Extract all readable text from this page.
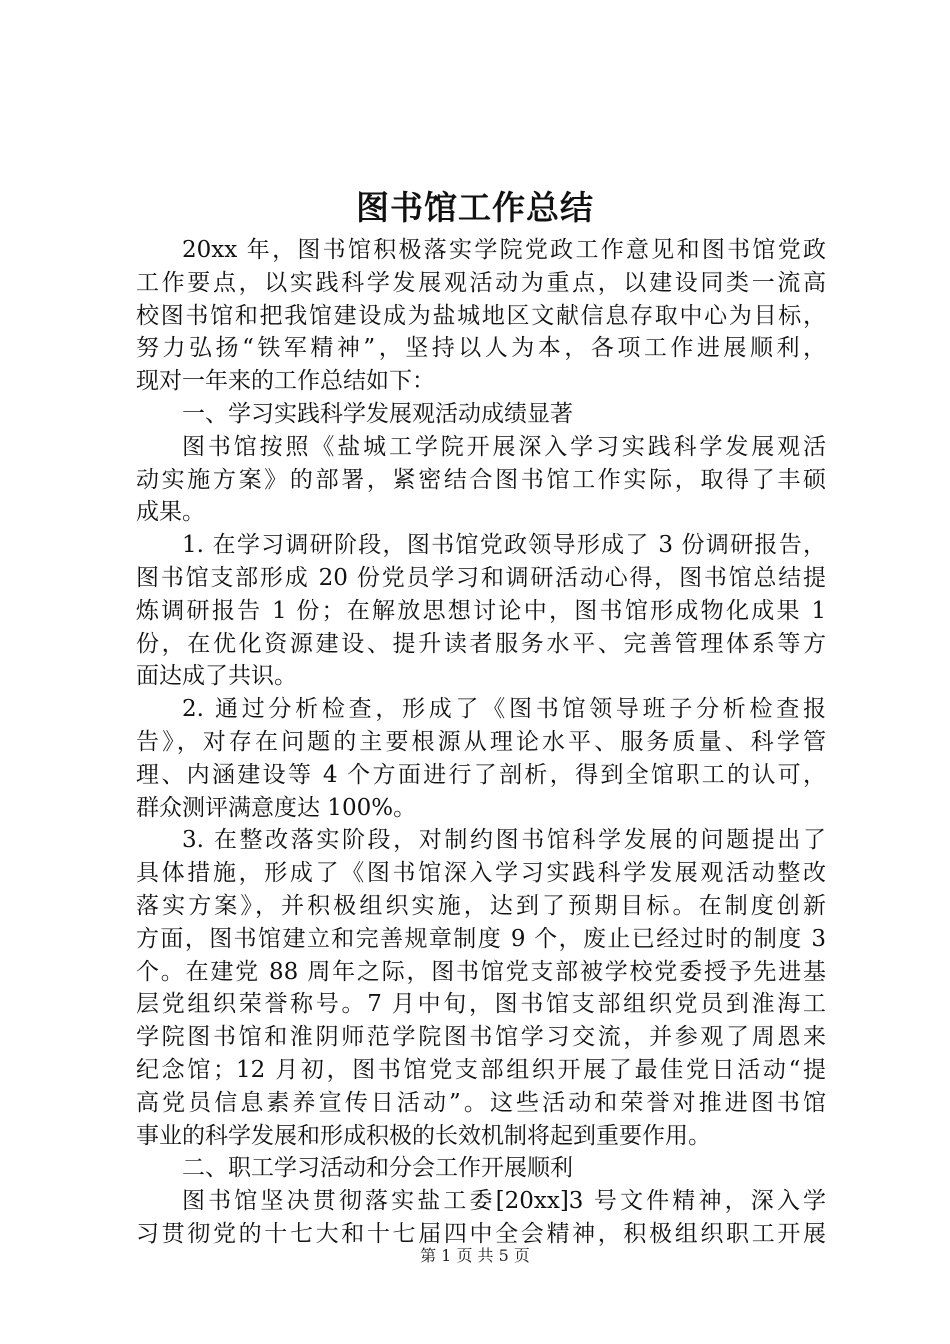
图书馆工作总结
20xx 年，图书馆积极落实学院党政工作意见和图书馆党政
工作要点，以实践科学发展观活动为重点，以建设同类一流高
校图书馆和把我馆建设成为盐城地区文献信息存取中心为目标，
努力弘扬“铁军精神”，坚持以人为本，各项工作进展顺利，
现对一年来的工作总结如下：
一、学习实践科学发展观活动成绩显著
图书馆按照《盐城工学院开展深入学习实践科学发展观活
动实施方案》的部署，紧密结合图书馆工作实际，取得了丰硕
成果。
1. 在学习调研阶段，图书馆党政领导形成了 3 份调研报告，
图书馆支部形成 20 份党员学习和调研活动心得，图书馆总结提
炼调研报告 1 份；在解放思想讨论中，图书馆形成物化成果 1
份，在优化资源建设、提升读者服务水平、完善管理体系等方
面达成了共识。
2. 通过分析检查，形成了《图书馆领导班子分析检查报
告》，对存在问题的主要根源从理论水平、服务质量、科学管
理、内涵建设等 4 个方面进行了剖析，得到全馆职工的认可，
群众测评满意度达 100%。
3. 在整改落实阶段，对制约图书馆科学发展的问题提出了
具体措施，形成了《图书馆深入学习实践科学发展观活动整改
落实方案》，并积极组织实施，达到了预期目标。在制度创新
方面，图书馆建立和完善规章制度 9 个，废止已经过时的制度 3
个。在建党 88 周年之际，图书馆党支部被学校党委授予先进基
层党组织荣誉称号。7 月中旬，图书馆支部组织党员到淮海工
学院图书馆和淮阴师范学院图书馆学习交流，并参观了周恩来
纪念馆；12 月初，图书馆党支部组织开展了最佳党日活动“提
高党员信息素养宣传日活动”。这些活动和荣誉对推进图书馆
事业的科学发展和形成积极的长效机制将起到重要作用。
二、职工学习活动和分会工作开展顺利
图书馆坚决贯彻落实盐工委[20xx]3 号文件精神，深入学
习贯彻党的十七大和十七届四中全会精神，积极组织职工开展
第 1 页 共 5 页
